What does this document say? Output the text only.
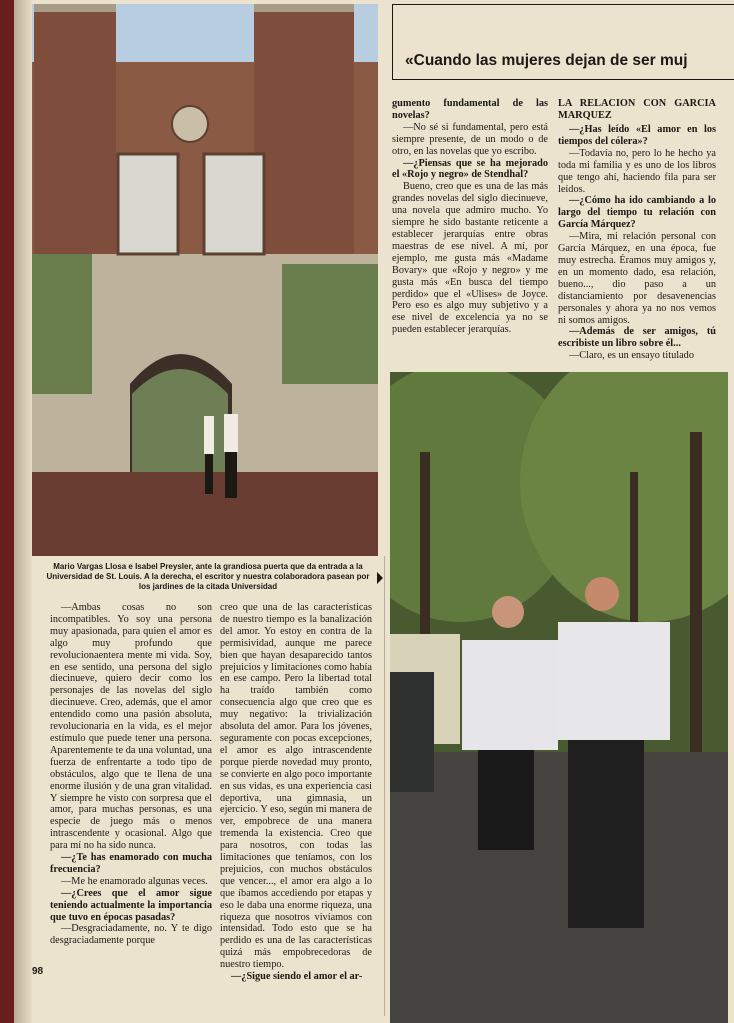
«Cuando las mujeres dejan de ser muj

gumento fundamental de las novelas?

—No sé si fundamental, pero está siempre presente, de un modo o de otro, en las novelas que yo escribo.

—¿Piensas que se ha mejorado el «Rojo y negro» de Stendhal?

Bueno, creo que es una de las más grandes novelas del siglo diecinueve, una novela que admiro mucho. Yo siempre he sido bastante reticente a establecer jerarquías entre obras maestras de ese nivel. A mí, por ejemplo, me gusta más «Madame Bovary» que «Rojo y negro» y me gusta más «En busca del tiempo perdido» que el «Ulises» de Joyce. Pero eso es algo muy subjetivo y a ese nivel de excelencia ya no se pueden establecer jerarquías.

LA RELACION CON GARCIA MARQUEZ

—¿Has leído «El amor en los tiempos del cólera»?

—Todavía no, pero lo he hecho ya toda mi familia y es uno de los libros que tengo ahí, haciendo fila para ser leídos.

—¿Cómo ha ido cambiando a lo largo del tiempo tu relación con García Márquez?

—Mira, mi relación personal con García Márquez, en una época, fue muy estrecha. Éramos muy amigos y, en un momento dado, esa relación, bueno..., dio paso a un distanciamiento por desavenencias personales y ahora ya no nos vemos ni somos amigos.

—Además de ser amigos, tú escribiste un libro sobre él...

—Claro, es un ensayo titulado

Mario Vargas Llosa e Isabel Preysler, ante la grandiosa puerta que da entrada a la Universidad de St. Louis. A la derecha, el escritor y nuestra colaboradora pasean por los jardines de la citada Universidad

—Ambas cosas no son incompatibles. Yo soy una persona muy apasionada, para quien el amor es algo muy profundo que revolucionaentera mente mi vida. Soy, en ese sentido, una persona del siglo diecinueve, quiero decir como los personajes de las novelas del siglo diecinueve. Creo, además, que el amor entendido como una pasión absoluta, revolucionaria en la vida, es el mejor estímulo que puede tener una persona. Aparentemente te da una voluntad, una fuerza de enfrentarte a todo tipo de obstáculos, algo que te llena de una enorme ilusión y de una gran vitalidad. Y siempre he visto con sorpresa que el amor, para muchas personas, es una especie de juego más o menos intrascendente y ocasional. Algo que para mí no ha sido nunca.

—¿Te has enamorado con mucha frecuencia?

—Me he enamorado algunas veces.

—¿Crees que el amor sigue teniendo actualmente la importancia que tuvo en épocas pasadas?

—Desgraciadamente, no. Y te digo desgraciadamente porque

creo que una de las características de nuestro tiempo es la banalización del amor. Yo estoy en contra de la permisividad, aunque me parece bien que hayan desaparecido tantos prejuicios y limitaciones como había en ese campo. Pero la libertad total ha traído también como consecuencia algo que creo que es muy negativo: la trivialización absoluta del amor. Para los jóvenes, seguramente con pocas excepciones, el amor es algo intrascendente porque pierde novedad muy pronto, se convierte en algo poco importante en sus vidas, es una experiencia casi deportiva, una gimnasia, un ejercicio. Y eso, según mi manera de ver, empobrece de una manera tremenda la existencia. Creo que para nosotros, con todas las limitaciones que teníamos, con los prejuicios, con muchos obstáculos que vencer..., el amor era algo a lo que íbamos accediendo por etapas y eso le daba una enorme riqueza, una riqueza que nosotros vivíamos con intensidad. Todo esto que se ha perdido es una de las características quizá más empobrecedoras de nuestro tiempo.

—¿Sigue siendo el amor el ar-

98
